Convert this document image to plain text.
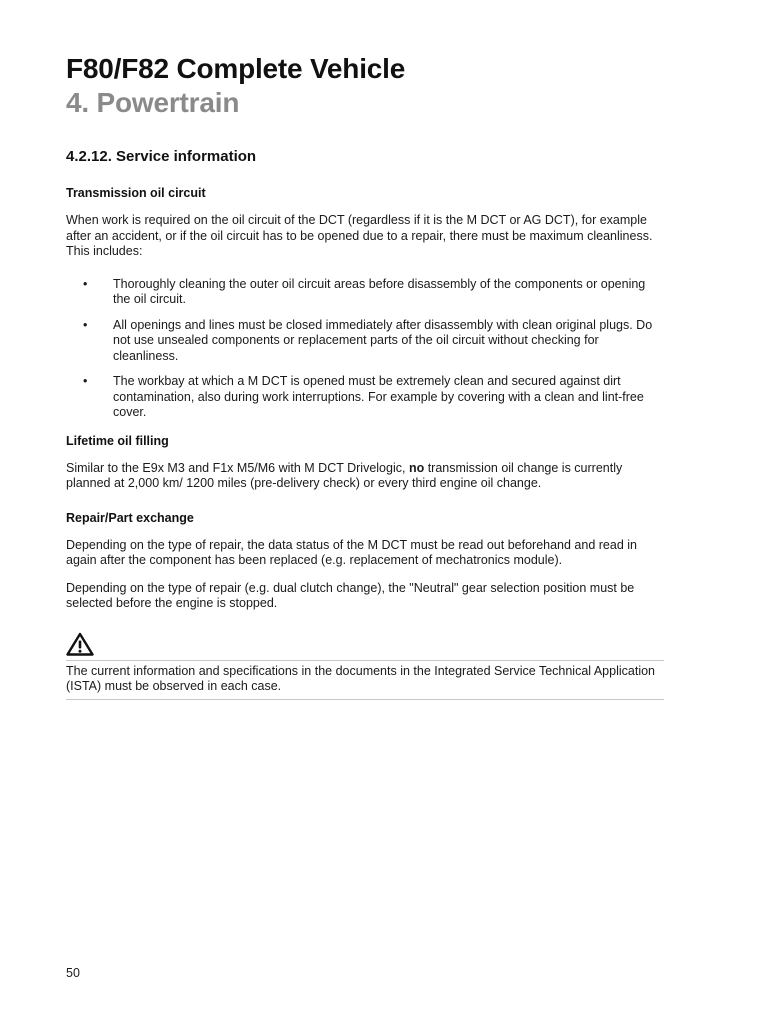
F80/F82 Complete Vehicle
4. Powertrain
4.2.12. Service information
Transmission oil circuit

When work is required on the oil circuit of the DCT (regardless if it is the M DCT or AG DCT), for example after an accident, or if the oil circuit has to be opened due to a repair, there must be maximum cleanliness. This includes:

• Thoroughly cleaning the outer oil circuit areas before disassembly of the components or opening the oil circuit.
• All openings and lines must be closed immediately after disassembly with clean original plugs. Do not use unsealed components or replacement parts of the oil circuit without checking for cleanliness.
• The workbay at which a M DCT is opened must be extremely clean and secured against dirt contamination, also during work interruptions. For example by covering with a clean and lint-free cover.
Lifetime oil filling

Similar to the E9x M3 and F1x M5/M6 with M DCT Drivelogic, no transmission oil change is currently planned at 2,000 km/ 1200 miles (pre-delivery check) or every third engine oil change.

Repair/Part exchange

Depending on the type of repair, the data status of the M DCT must be read out beforehand and read in again after the component has been replaced (e.g. replacement of mechatronics module).

Depending on the type of repair (e.g. dual clutch change), the "Neutral" gear selection position must be selected before the engine is stopped.

The current information and specifications in the documents in the Integrated Service Technical Application (ISTA) must be observed in each case.
50
